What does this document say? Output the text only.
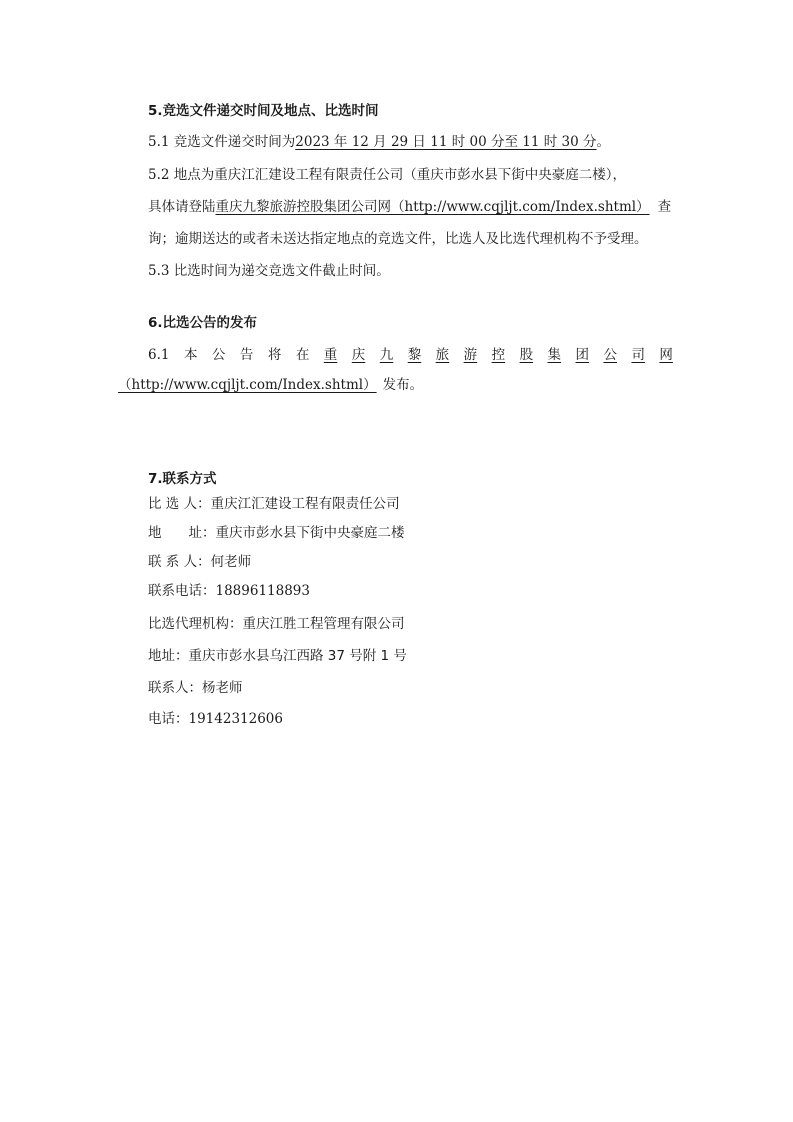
5.竞选文件递交时间及地点、比选时间
5.1 竞选文件递交时间为2023 年 12 月 29 日 11 时 00 分至 11 时 30 分。
5.2 地点为重庆江汇建设工程有限责任公司（重庆市彭水县下街中央豪庭二楼），
具体请登陆重庆九黎旅游控股集团公司网（http://www.cqjljt.com/Index.shtml） 查
询；逾期送达的或者未送达指定地点的竞选文件，比选人及比选代理机构不予受理。
5.3 比选时间为递交竞选文件截止时间。
6.比选公告的发布
6.1 本 公 告 将 在 重 庆 九 黎 旅 游 控 股 集 团 公 司 网
（http://www.cqjljt.com/Index.shtml） 发布。
7.联系方式
比 选 人：重庆江汇建设工程有限责任公司
地　　址：重庆市彭水县下街中央豪庭二楼
联 系 人：何老师
联系电话：18896118893
比选代理机构：重庆江胜工程管理有限公司
地址：重庆市彭水县乌江西路 37 号附 1 号
联系人：杨老师
电话：19142312606
